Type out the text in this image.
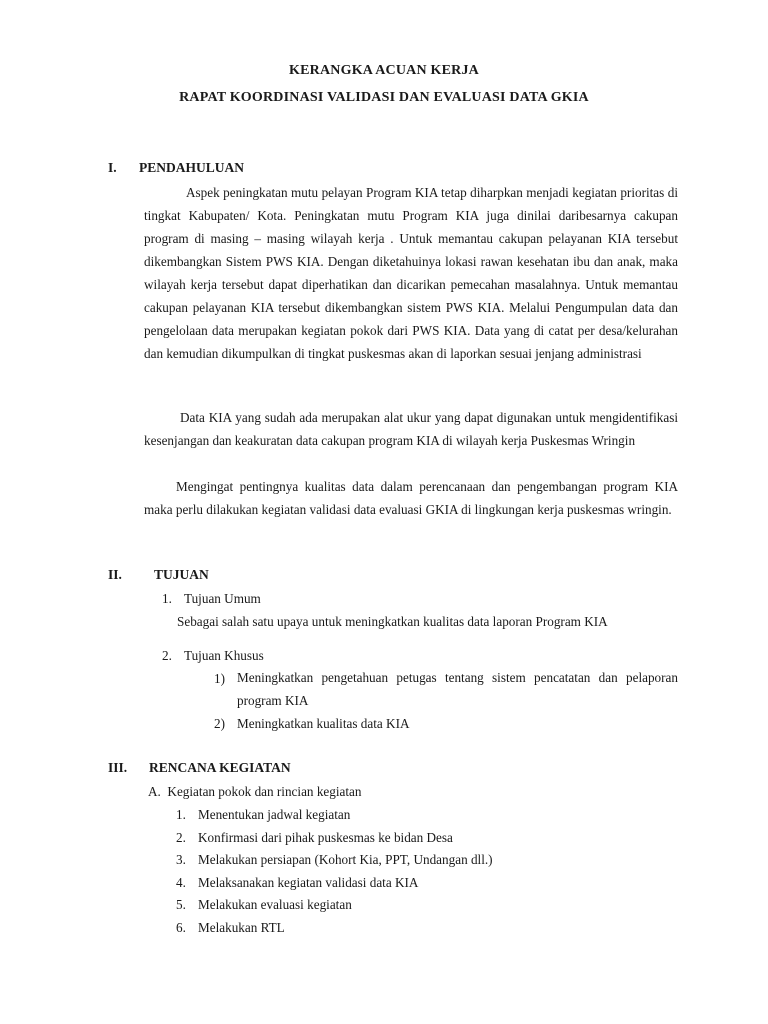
KERANGKA ACUAN KERJA
RAPAT KOORDINASI VALIDASI DAN EVALUASI DATA GKIA
I. PENDAHULUAN

Aspek peningkatan mutu pelayan Program KIA tetap diharpkan menjadi kegiatan prioritas di tingkat Kabupaten/ Kota. Peningkatan mutu Program KIA juga dinilai daribesarnya cakupan program di masing – masing wilayah kerja . Untuk memantau cakupan pelayanan KIA tersebut dikembangkan Sistem PWS KIA. Dengan diketahuinya lokasi rawan kesehatan ibu dan anak, maka wilayah kerja tersebut dapat diperhatikan dan dicarikan pemecahan masalahnya. Untuk memantau cakupan pelayanan KIA tersebut dikembangkan sistem PWS KIA. Melalui Pengumpulan data dan pengelolaan data merupakan kegiatan pokok dari PWS KIA. Data yang di catat per desa/kelurahan dan kemudian dikumpulkan di tingkat puskesmas akan di laporkan sesuai jenjang administrasi

Data KIA yang sudah ada merupakan alat ukur yang dapat digunakan untuk mengidentifikasi kesenjangan dan keakuratan data cakupan program KIA di wilayah kerja Puskesmas Wringin

Mengingat pentingnya kualitas data dalam perencanaan dan pengembangan program KIA maka perlu dilakukan kegiatan validasi data evaluasi GKIA di lingkungan kerja puskesmas wringin.

II. TUJUAN
1. Tujuan Umum
Sebagai salah satu upaya untuk meningkatkan kualitas data laporan Program KIA
2. Tujuan Khusus
1) Meningkatkan pengetahuan petugas tentang sistem pencatatan dan pelaporan program KIA

2) Meningkatkan kualitas data KIA
III. RENCANA KEGIATAN
A.  Kegiatan pokok dan rincian kegiatan
1. Menentukan jadwal kegiatan
2. Konfirmasi dari pihak puskesmas ke bidan Desa
3. Melakukan persiapan (Kohort Kia, PPT, Undangan dll.)
4. Melaksanakan kegiatan validasi data KIA
5. Melakukan evaluasi kegiatan
6. Melakukan RTL
